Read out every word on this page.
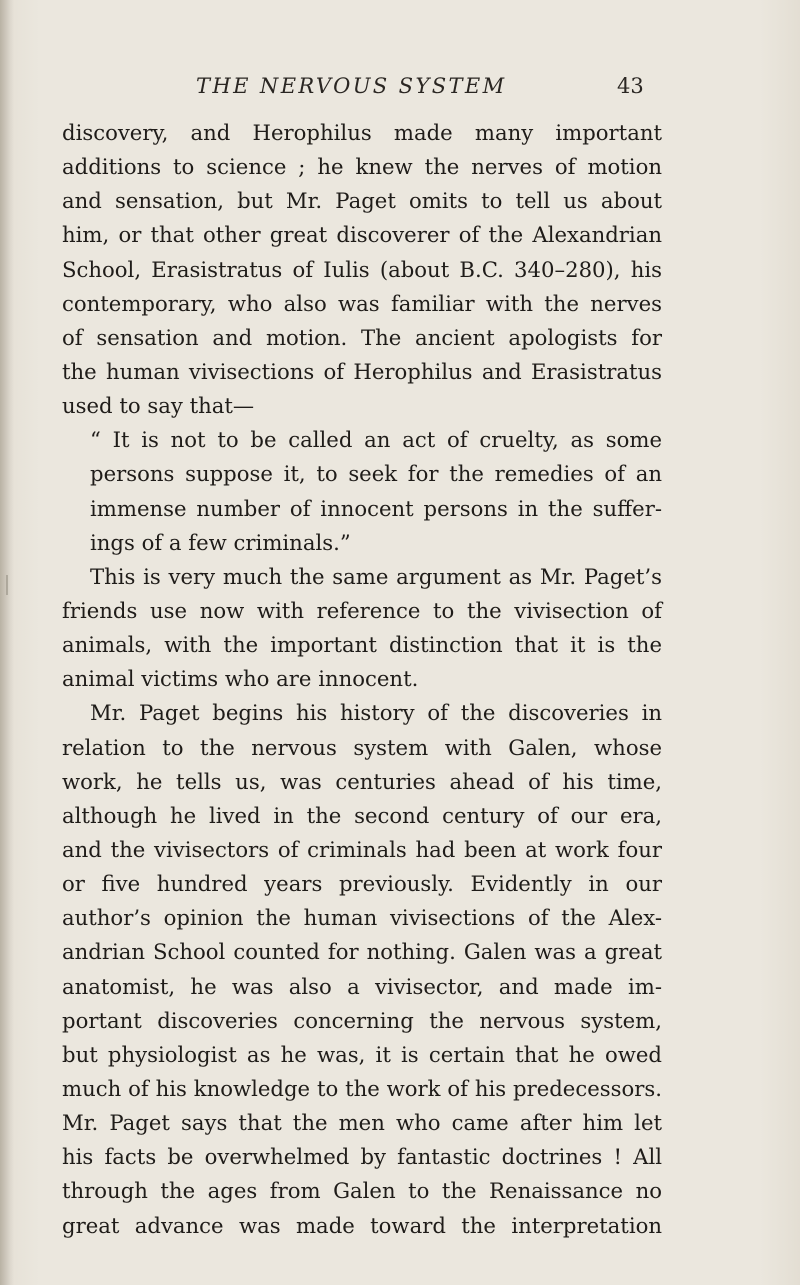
THE NERVOUS SYSTEM	43
discovery, and Herophilus made many important
additions to science ; he knew the nerves of motion
and sensation, but Mr. Paget omits to tell us about
him, or that other great discoverer of the Alexandrian
School, Erasistratus of Iulis (about B.C. 340–280), his
contemporary, who also was familiar with the nerves
of sensation and motion. The ancient apologists for
the human vivisections of Herophilus and Erasistratus
used to say that—
“ It is not to be called an act of cruelty, as some
persons suppose it, to seek for the remedies of an
immense number of innocent persons in the suffer-
ings of a few criminals.”
This is very much the same argument as Mr. Paget’s
friends use now with reference to the vivisection of
animals, with the important distinction that it is the
animal victims who are innocent.
Mr. Paget begins his history of the discoveries in
relation to the nervous system with Galen, whose
work, he tells us, was centuries ahead of his time,
although he lived in the second century of our era,
and the vivisectors of criminals had been at work four
or five hundred years previously. Evidently in our
author’s opinion the human vivisections of the Alex-
andrian School counted for nothing. Galen was a great
anatomist, he was also a vivisector, and made im-
portant discoveries concerning the nervous system,
but physiologist as he was, it is certain that he owed
much of his knowledge to the work of his predecessors.
Mr. Paget says that the men who came after him let
his facts be overwhelmed by fantastic doctrines ! All
through the ages from Galen to the Renaissance no
great advance was made toward the interpretation
